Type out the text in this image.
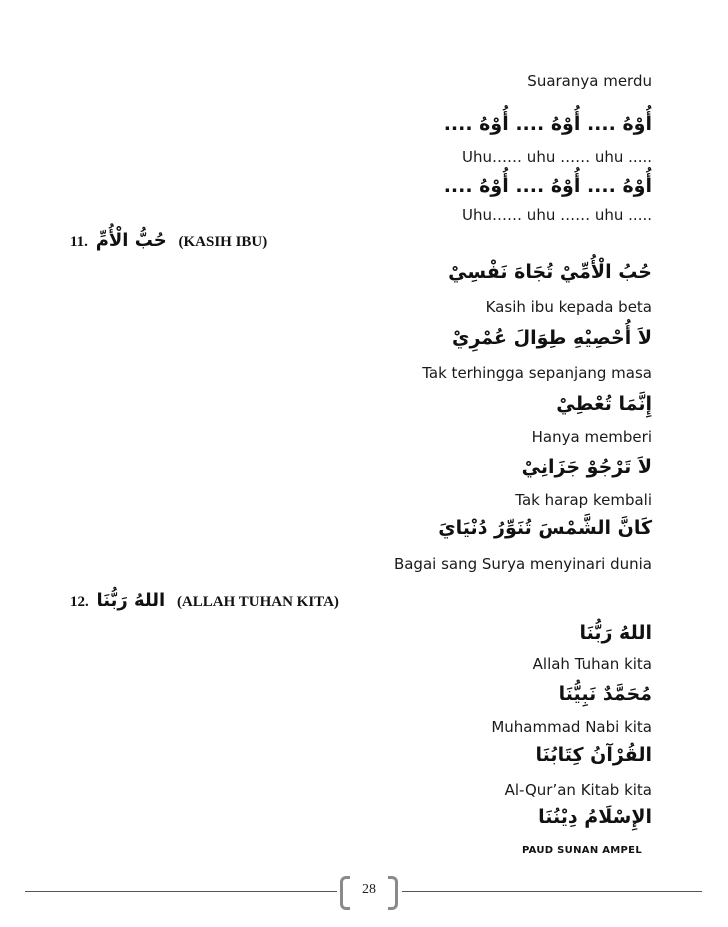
Suaranya merdu
أُوْهُ .... أُوْهُ .... أُوْهُ ....
Uhu…… uhu …… uhu .....
أُوْهُ .... أُوْهُ .... أُوْهُ ....
Uhu…… uhu …… uhu .....
11. حُبُّ الْأُمِّ (KASIH IBU)
حُبُ الْأُمِّيْ تُجَاهَ نَفْسِيْ
Kasih ibu kepada beta
لاَ أُحْصِيْهِ طِوَالَ عُمْرِيْ
Tak terhingga sepanjang masa
إِنَّمَا تُعْطِيْ
Hanya memberi
لاَ تَرْجُوْ جَزَانِيْ
Tak harap kembali
كَانَّ الشَّمْسَ تُنَوِّرُ دُنْيَايَ
Bagai sang Surya menyinari dunia
12. اللهُ رَبُّنَا (ALLAH TUHAN KITA)
اللهُ رَبُّنَا
Allah Tuhan kita
مُحَمَّدٌ نَبِيُّنَا
Muhammad Nabi kita
القُرْآنُ كِتَابُنَا
Al-Qur’an Kitab kita
الإِسْلَامُ دِيْنُنَا
PAUD SUNAN AMPEL
28
